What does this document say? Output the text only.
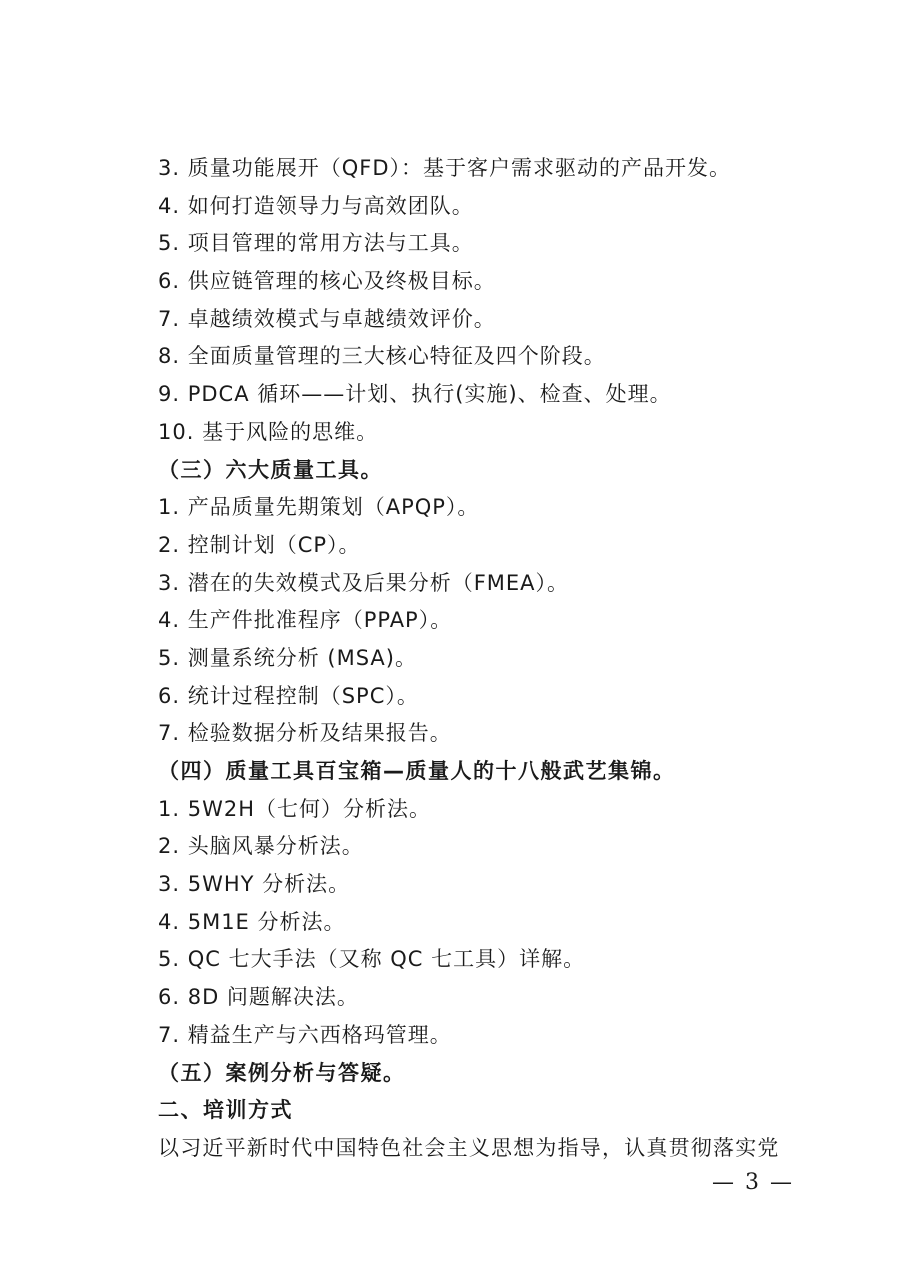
3. 质量功能展开（QFD）：基于客户需求驱动的产品开发。
4. 如何打造领导力与高效团队。
5. 项目管理的常用方法与工具。
6. 供应链管理的核心及终极目标。
7. 卓越绩效模式与卓越绩效评价。
8. 全面质量管理的三大核心特征及四个阶段。
9. PDCA 循环——计划、执行(实施)、检查、处理。
10. 基于风险的思维。
（三）六大质量工具。
1. 产品质量先期策划（APQP）。
2. 控制计划（CP）。
3. 潜在的失效模式及后果分析（FMEA）。
4. 生产件批准程序（PPAP）。
5. 测量系统分析 (MSA)。
6. 统计过程控制（SPC）。
7. 检验数据分析及结果报告。
（四）质量工具百宝箱—质量人的十八般武艺集锦。
1. 5W2H（七何）分析法。
2. 头脑风暴分析法。
3. 5WHY 分析法。
4. 5M1E 分析法。
5. QC 七大手法（又称 QC 七工具）详解。
6. 8D 问题解决法。
7. 精益生产与六西格玛管理。
（五）案例分析与答疑。
二、培训方式
以习近平新时代中国特色社会主义思想为指导，认真贯彻落实党
— 3 —
